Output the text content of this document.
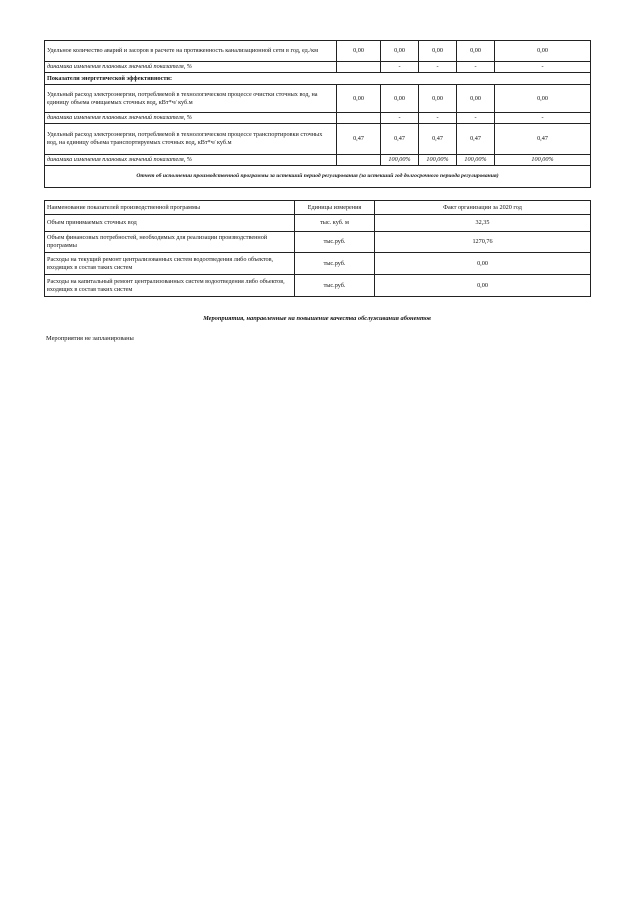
Удельное количество аварий и засоров в расчете на протяженность канализационной сети в год, ед./км	0,00	0,00	0,00	0,00	0,00
динамика изменения плановых значений показателя, %		-	-	-	-
Показатели энергетической эффективности:					
Удельный расход электроэнергии, потребляемой в технологическом процессе очистки сточных вод, на единицу объема очищаемых сточных вод, кВт*ч/ куб.м	0,00	0,00	0,00	0,00	0,00
динамика изменения плановых значений показателя, %		-	-	-	-
Удельный расход электроэнергии, потребляемой в технологическом процессе транспортировки сточных вод, на единицу объема транспортируемых сточных вод, кВт*ч/ куб.м	0,47	0,47	0,47	0,47	0,47
динамика изменения плановых значений показателя, %		100,00%	100,00%	100,00%	100,00%
Отчет об исполнении производственной программы за истекший период регулирования (за истекший год долгосрочного периода регулирования)					
Наименование показателей производственной программы	Единицы измерения	Факт организации за 2020 год
Объем принимаемых сточных вод	тыс. куб. м	32,35
Объем финансовых потребностей, необходимых для реализации производственной программы	тыс.руб.	1270,76
Расходы на текущий ремонт централизованных систем водоотведения либо объектов, входящих в состав таких систем	тыс.руб.	0,00
Расходы на капитальный ремонт централизованных систем водоотведения либо объектов, входящих в состав таких систем	тыс.руб.	0,00
Мероприятия, направленные на повышение качества обслуживания абонентов
Мероприятия не запланированы
